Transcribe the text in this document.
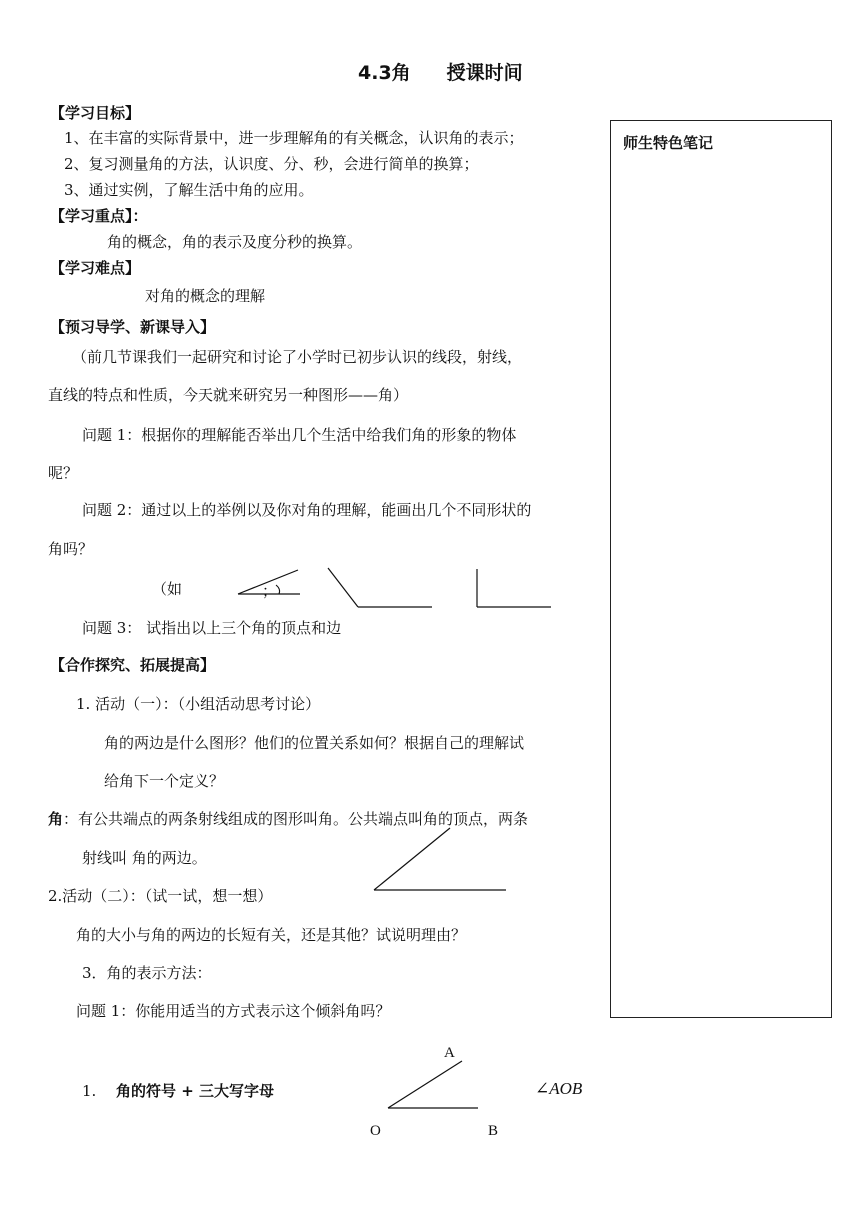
4.3角 授课时间
师生特色笔记
【学习目标】
1、在丰富的实际背景中，进一步理解角的有关概念，认识角的表示；
2、复习测量角的方法，认识度、分、秒，会进行简单的换算；
3、通过实例，了解生活中角的应用。
【学习重点】：
角的概念，角的表示及度分秒的换算。
【学习难点】
对角的概念的理解
【预习导学、新课导入】
（前几节课我们一起研究和讨论了小学时已初步认识的线段，射线，
直线的特点和性质，今天就来研究另一种图形——角）
问题 1：根据你的理解能否举出几个生活中给我们角的形象的物体
呢？
问题 2：通过以上的举例以及你对角的理解，能画出几个不同形状的
角吗？
（如	；
问题 3： 试指出以上三个角的顶点和边
【合作探究、拓展提高】
1. 活动（一）：（小组活动思考讨论）
角的两边是什么图形？他们的位置关系如何？根据自己的理解试
给角下一个定义？
角：有公共端点的两条射线组成的图形叫角。公共端点叫角的顶点，两条
射线叫 角的两边。
2.活动（二）：（试一试，想一想）
角的大小与角的两边的长短有关，还是其他？试说明理由？
3．角的表示方法：
问题 1：你能用适当的方式表示这个倾斜角吗？
1. 角的符号 + 三大写字母
A
O	B
∠AOB
